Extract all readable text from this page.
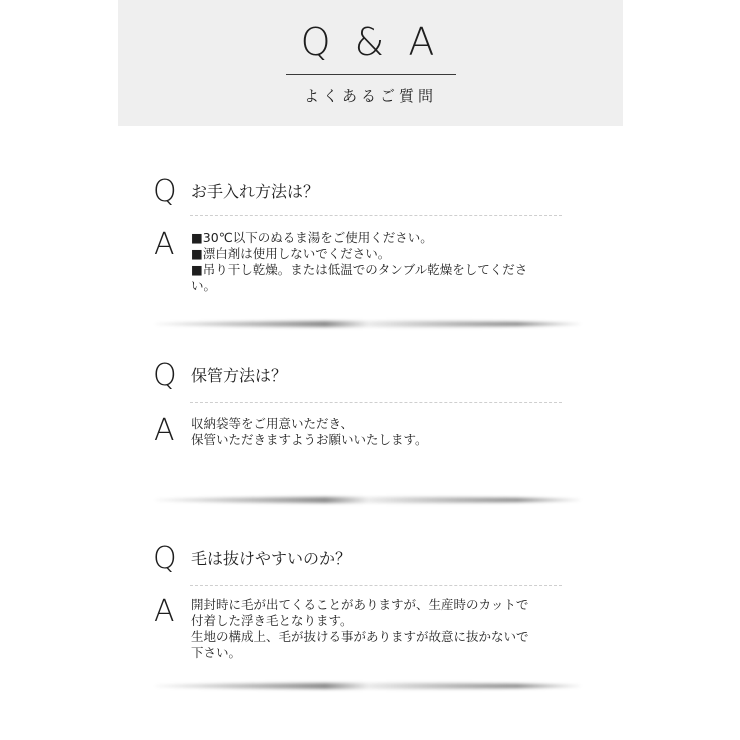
Q & A
よくあるご質問
Q お手入れ方法は？
A ■30℃以下のぬるま湯をご使用ください。
■漂白剤は使用しないでください。
■吊り干し乾燥。または低温でのタンブル乾燥をしてくださ
い。
Q 保管方法は？
A 収納袋等をご用意いただき、
保管いただきますようお願いいたします。
Q 毛は抜けやすいのか？
A 開封時に毛が出てくることがありますが、生産時のカットで
付着した浮き毛となります。
生地の構成上、毛が抜ける事がありますが故意に抜かないで
下さい。
